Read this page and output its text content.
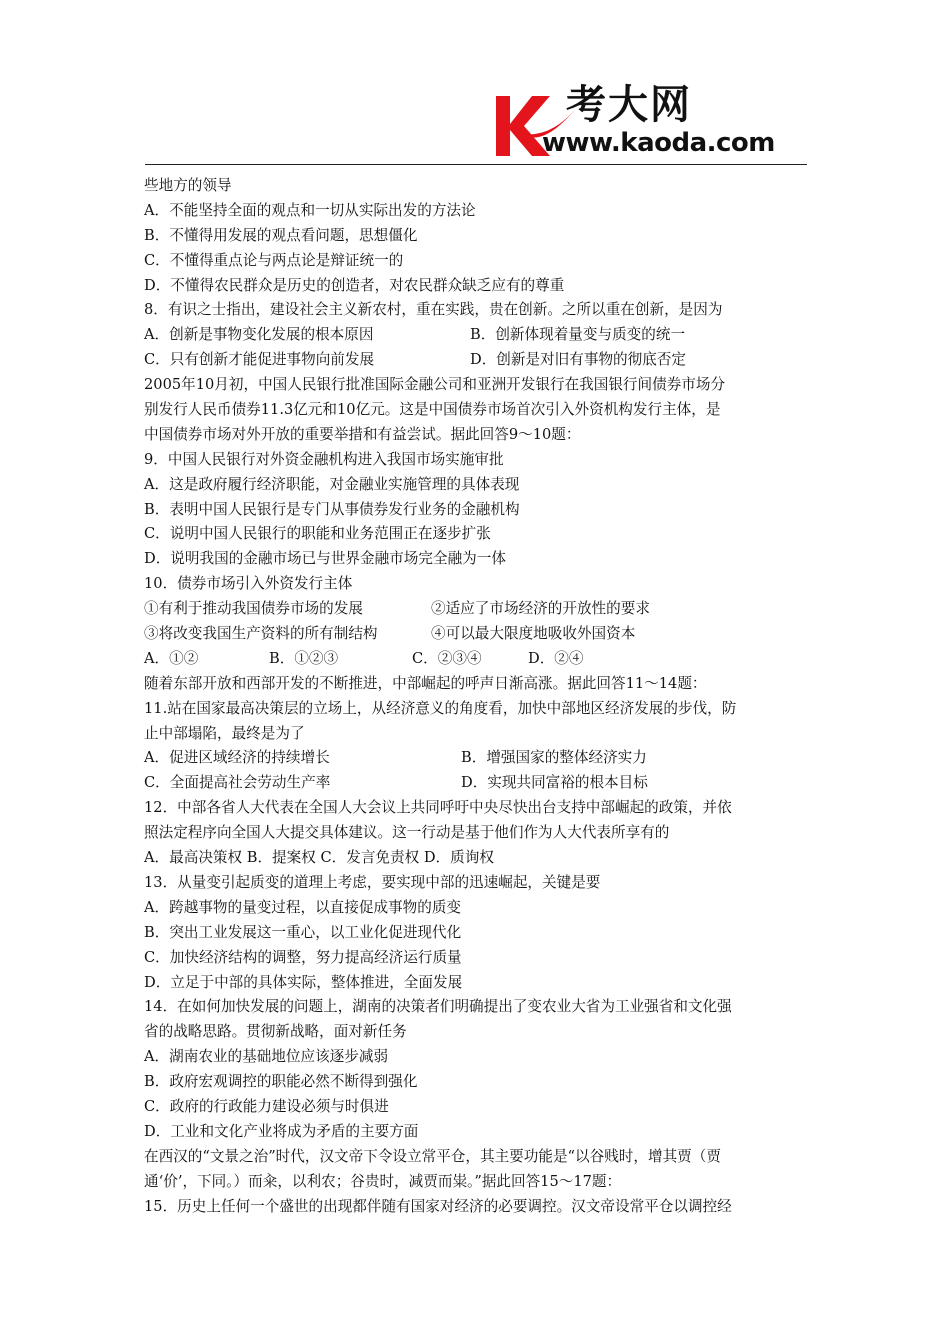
考大网
www.kaoda.com
些地方的领导
A．不能坚持全面的观点和一切从实际出发的方法论
B．不懂得用发展的观点看问题，思想僵化
C．不懂得重点论与两点论是辩证统一的
D．不懂得农民群众是历史的创造者，对农民群众缺乏应有的尊重
8．有识之士指出，建设社会主义新农村，重在实践，贵在创新。之所以重在创新，是因为
A．创新是事物变化发展的根本原因	B．创新体现着量变与质变的统一
C．只有创新才能促进事物向前发展	D．创新是对旧有事物的彻底否定
2005年10月初，中国人民银行批准国际金融公司和亚洲开发银行在我国银行间债券市场分
别发行人民币债券11.3亿元和10亿元。这是中国债券市场首次引入外资机构发行主体，是
中国债券市场对外开放的重要举措和有益尝试。据此回答9～10题：
9．中国人民银行对外资金融机构进入我国市场实施审批
A．这是政府履行经济职能，对金融业实施管理的具体表现
B．表明中国人民银行是专门从事债券发行业务的金融机构
C．说明中国人民银行的职能和业务范围正在逐步扩张
D．说明我国的金融市场已与世界金融市场完全融为一体
10．债券市场引入外资发行主体
①有利于推动我国债券市场的发展	②适应了市场经济的开放性的要求
③将改变我国生产资料的所有制结构	④可以最大限度地吸收外国资本
A．①②	B．①②③	C．②③④	D．②④
随着东部开放和西部开发的不断推进，中部崛起的呼声日渐高涨。据此回答11～14题：
11.站在国家最高决策层的立场上，从经济意义的角度看，加快中部地区经济发展的步伐，防
止中部塌陷，最终是为了
A．促进区域经济的持续增长	B．增强国家的整体经济实力
C．全面提高社会劳动生产率	D．实现共同富裕的根本目标
12．中部各省人大代表在全国人大会议上共同呼吁中央尽快出台支持中部崛起的政策，并依
照法定程序向全国人大提交具体建议。这一行动是基于他们作为人大代表所享有的
A．最高决策权 B．提案权 C．发言免责权 D．质询权
13．从量变引起质变的道理上考虑，要实现中部的迅速崛起，关键是要
A．跨越事物的量变过程，以直接促成事物的质变
B．突出工业发展这一重心，以工业化促进现代化
C．加快经济结构的调整，努力提高经济运行质量
D．立足于中部的具体实际，整体推进，全面发展
14．在如何加快发展的问题上，湖南的决策者们明确提出了变农业大省为工业强省和文化强
省的战略思路。贯彻新战略，面对新任务
A．湖南农业的基础地位应该逐步减弱
B．政府宏观调控的职能必然不断得到强化
C．政府的行政能力建设必须与时俱进
D．工业和文化产业将成为矛盾的主要方面
在西汉的“文景之治”时代，汉文帝下令设立常平仓，其主要功能是“以谷贱时，增其贾（贾
通‘价’，下同。）而籴，以利农；谷贵时，减贾而粜。”据此回答15～17题：
15．历史上任何一个盛世的出现都伴随有国家对经济的必要调控。汉文帝设常平仓以调控经
